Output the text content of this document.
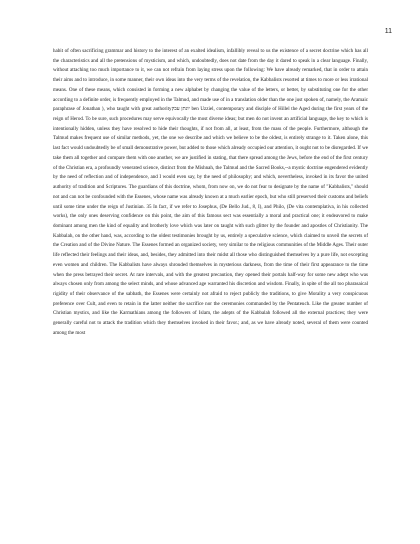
11

habit of often sacrificing grammar and history to the interest of an exalted idealism, infallibly reveal to us the existence of a secret doctrine which has all the characteristics and all the pretensions of mysticism, and which, undoubtedly, does not date from the day it dared to speak in a clear language. Finally, without attaching too much importance to it, we can not refrain from laying stress upon the following: We have already remarked, that in order to attain their aims and to introduce, in some manner, their own ideas into the very terms of the revelation, the Kabbalists resorted at times to more or less irrational means. One of these means, which consisted in forming a new alphabet by changing the value of the letters, or better, by substituting one for the other according to a definite order, is frequently employed in the Talmud, and made use of in a translation older than the one just spoken of, namely, the Aramaic paraphrase of Jonathan ), who taught with great authorityיונתן עבק ben Uzziel, contemporary and disciple of Hillel the Aged during the first years of the reign of Herod. To be sure, such procedures may serve equivocally the most diverse ideas; but men do not invent an artificial language, the key to which is intentionally hidden, unless they have resolved to hide their thoughts, if not from all, at least, from the mass of the people. Furthermore, although the Talmud makes frequent use of similar methods, yet, the one we describe and which we believe to be the oldest, is entirely strange to it. Taken alone, this last fact would undoubtedly be of small demonstrative power, but added to those which already occupied our attention, it ought not to be disregarded. If we take them all together and compare them with one another, we are justified in stating, that there spread among the Jews, before the end of the first century of the Christian era, a profoundly venerated science, distinct from the Mishnah, the Talmud and the Sacred Books,--a mystic doctrine engendered evidently by the need of reflection and of independence, and I would even say, by the need of philosophy; and which, nevertheless, invoked in its favor the united authority of tradition and Scriptures. The guardians of this doctrine, whom, from now on, we do not fear to designate by the name of "Kabbalists," should not and can not be confounded with the Essenes, whose name was already known at a much earlier epoch, but who still preserved their customs and beliefs until some time under the reign of Justinian. 35 In fact, if we refer to Josephus, (De Bello Jud., 8, I), and Philo, (De vita contemplativa, in his collected works), the only ones deserving confidence on this point, the aim of this famous sect was essentially a moral and practical one; it endeavored to make dominant among men the kind of equality and brotherly love which was later on taught with such glitter by the founder and apostles of Christianity. The Kabbalah, on the other hand, was, according to the oldest testimonies brought by us, entirely a speculative science, which claimed to unveil the secrets of the Creation and of the Divine Nature. The Essenes formed an organized society, very similar to the religious communities of the Middle Ages. Their outer life reflected their feelings and their ideas, and, besides, they admitted into their midst all those who distinguished themselves by a pure life, not excepting even women and children. The Kabbalists have always shrouded themselves in mysterious darkness, from the time of their first appearance to the time when the press betrayed their secret. At rare intervals, and with the greatest precaution, they opened their portals half-way for some new adept who was always chosen only from among the select minds, and whose advanced age warranted his discretion and wisdom. Finally, in spite of the all too pharasaical rigidity of their observance of the sabbath, the Essenes were certainly not afraid to reject publicly the traditions, to give Morality a very conspicuous preference over Cult, and even to retain in the latter neither the sacrifice nor the ceremonies commanded by the Pentateuch. Like the greater number of Christian mystics, and like the Karmathians among the followers of Islam, the adepts of the Kabbalah followed all the external practices; they were generally careful not to attack the tradition which they themselves invoked in their favor.; and, as we have already noted, several of them were counted among the most
